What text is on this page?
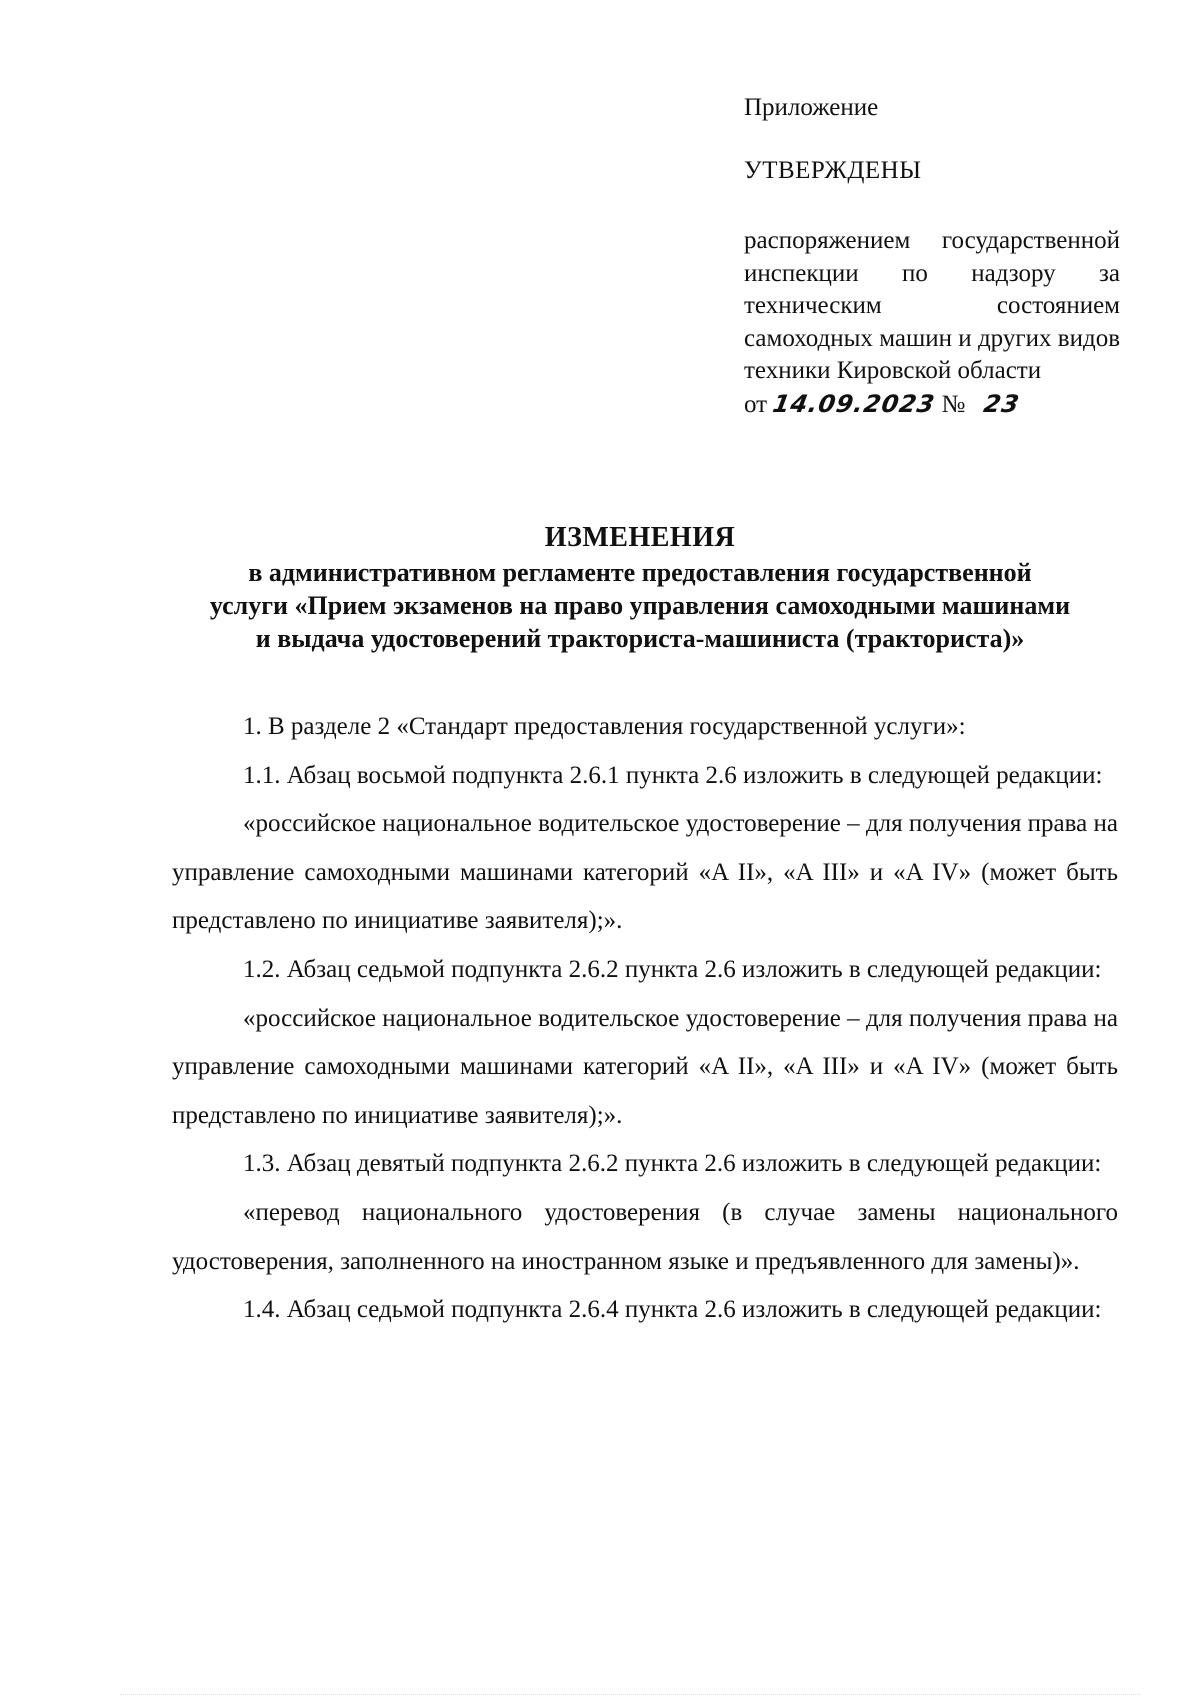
Приложение
УТВЕРЖДЕНЫ
распоряжением государственной инспекции по надзору за техническим состоянием самоходных машин и других видов техники Кировской области
от 14.09.2023 № 23
ИЗМЕНЕНИЯ
в административном регламенте предоставления государственной
услуги «Прием экзаменов на право управления самоходными машинами
и выдача удостоверений тракториста-машиниста (тракториста)»

1. В разделе 2 «Стандарт предоставления государственной услуги»:

1.1. Абзац восьмой подпункта 2.6.1 пункта 2.6 изложить в следующей редакции:

«российское национальное водительское удостоверение – для получения права на управление самоходными машинами категорий «A II», «A III» и «A IV» (может быть представлено по инициативе заявителя);».

1.2. Абзац седьмой подпункта 2.6.2 пункта 2.6 изложить в следующей редакции:

«российское национальное водительское удостоверение – для получения права на управление самоходными машинами категорий «A II», «A III» и «A IV» (может быть представлено по инициативе заявителя);».

1.3. Абзац девятый подпункта 2.6.2 пункта 2.6 изложить в следующей редакции:

«перевод национального удостоверения (в случае замены национального удостоверения, заполненного на иностранном языке и предъявленного для замены)».

1.4. Абзац седьмой подпункта 2.6.4 пункта 2.6 изложить в следующей редакции:
